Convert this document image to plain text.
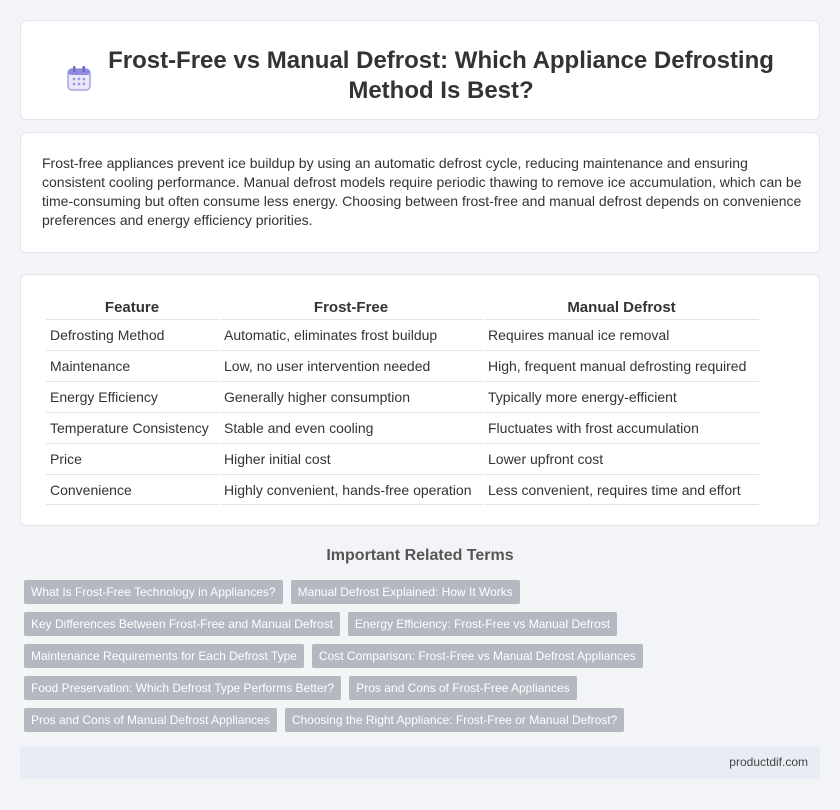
Frost-Free vs Manual Defrost: Which Appliance Defrosting Method Is Best?

Frost-free appliances prevent ice buildup by using an automatic defrost cycle, reducing maintenance and ensuring consistent cooling performance. Manual defrost models require periodic thawing to remove ice accumulation, which can be time-consuming but often consume less energy. Choosing between frost-free and manual defrost depends on convenience preferences and energy efficiency priorities.

Feature	Frost-Free	Manual Defrost
Defrosting Method	Automatic, eliminates frost buildup	Requires manual ice removal
Maintenance	Low, no user intervention needed	High, frequent manual defrosting required
Energy Efficiency	Generally higher consumption	Typically more energy-efficient
Temperature Consistency	Stable and even cooling	Fluctuates with frost accumulation
Price	Higher initial cost	Lower upfront cost
Convenience	Highly convenient, hands-free operation	Less convenient, requires time and effort
Important Related Terms
What Is Frost-Free Technology in Appliances?	Manual Defrost Explained: How It Works
Key Differences Between Frost-Free and Manual Defrost	Energy Efficiency: Frost-Free vs Manual Defrost
Maintenance Requirements for Each Defrost Type	Cost Comparison: Frost-Free vs Manual Defrost Appliances
Food Preservation: Which Defrost Type Performs Better?	Pros and Cons of Frost-Free Appliances
Pros and Cons of Manual Defrost Appliances	Choosing the Right Appliance: Frost-Free or Manual Defrost?
productdif.com
